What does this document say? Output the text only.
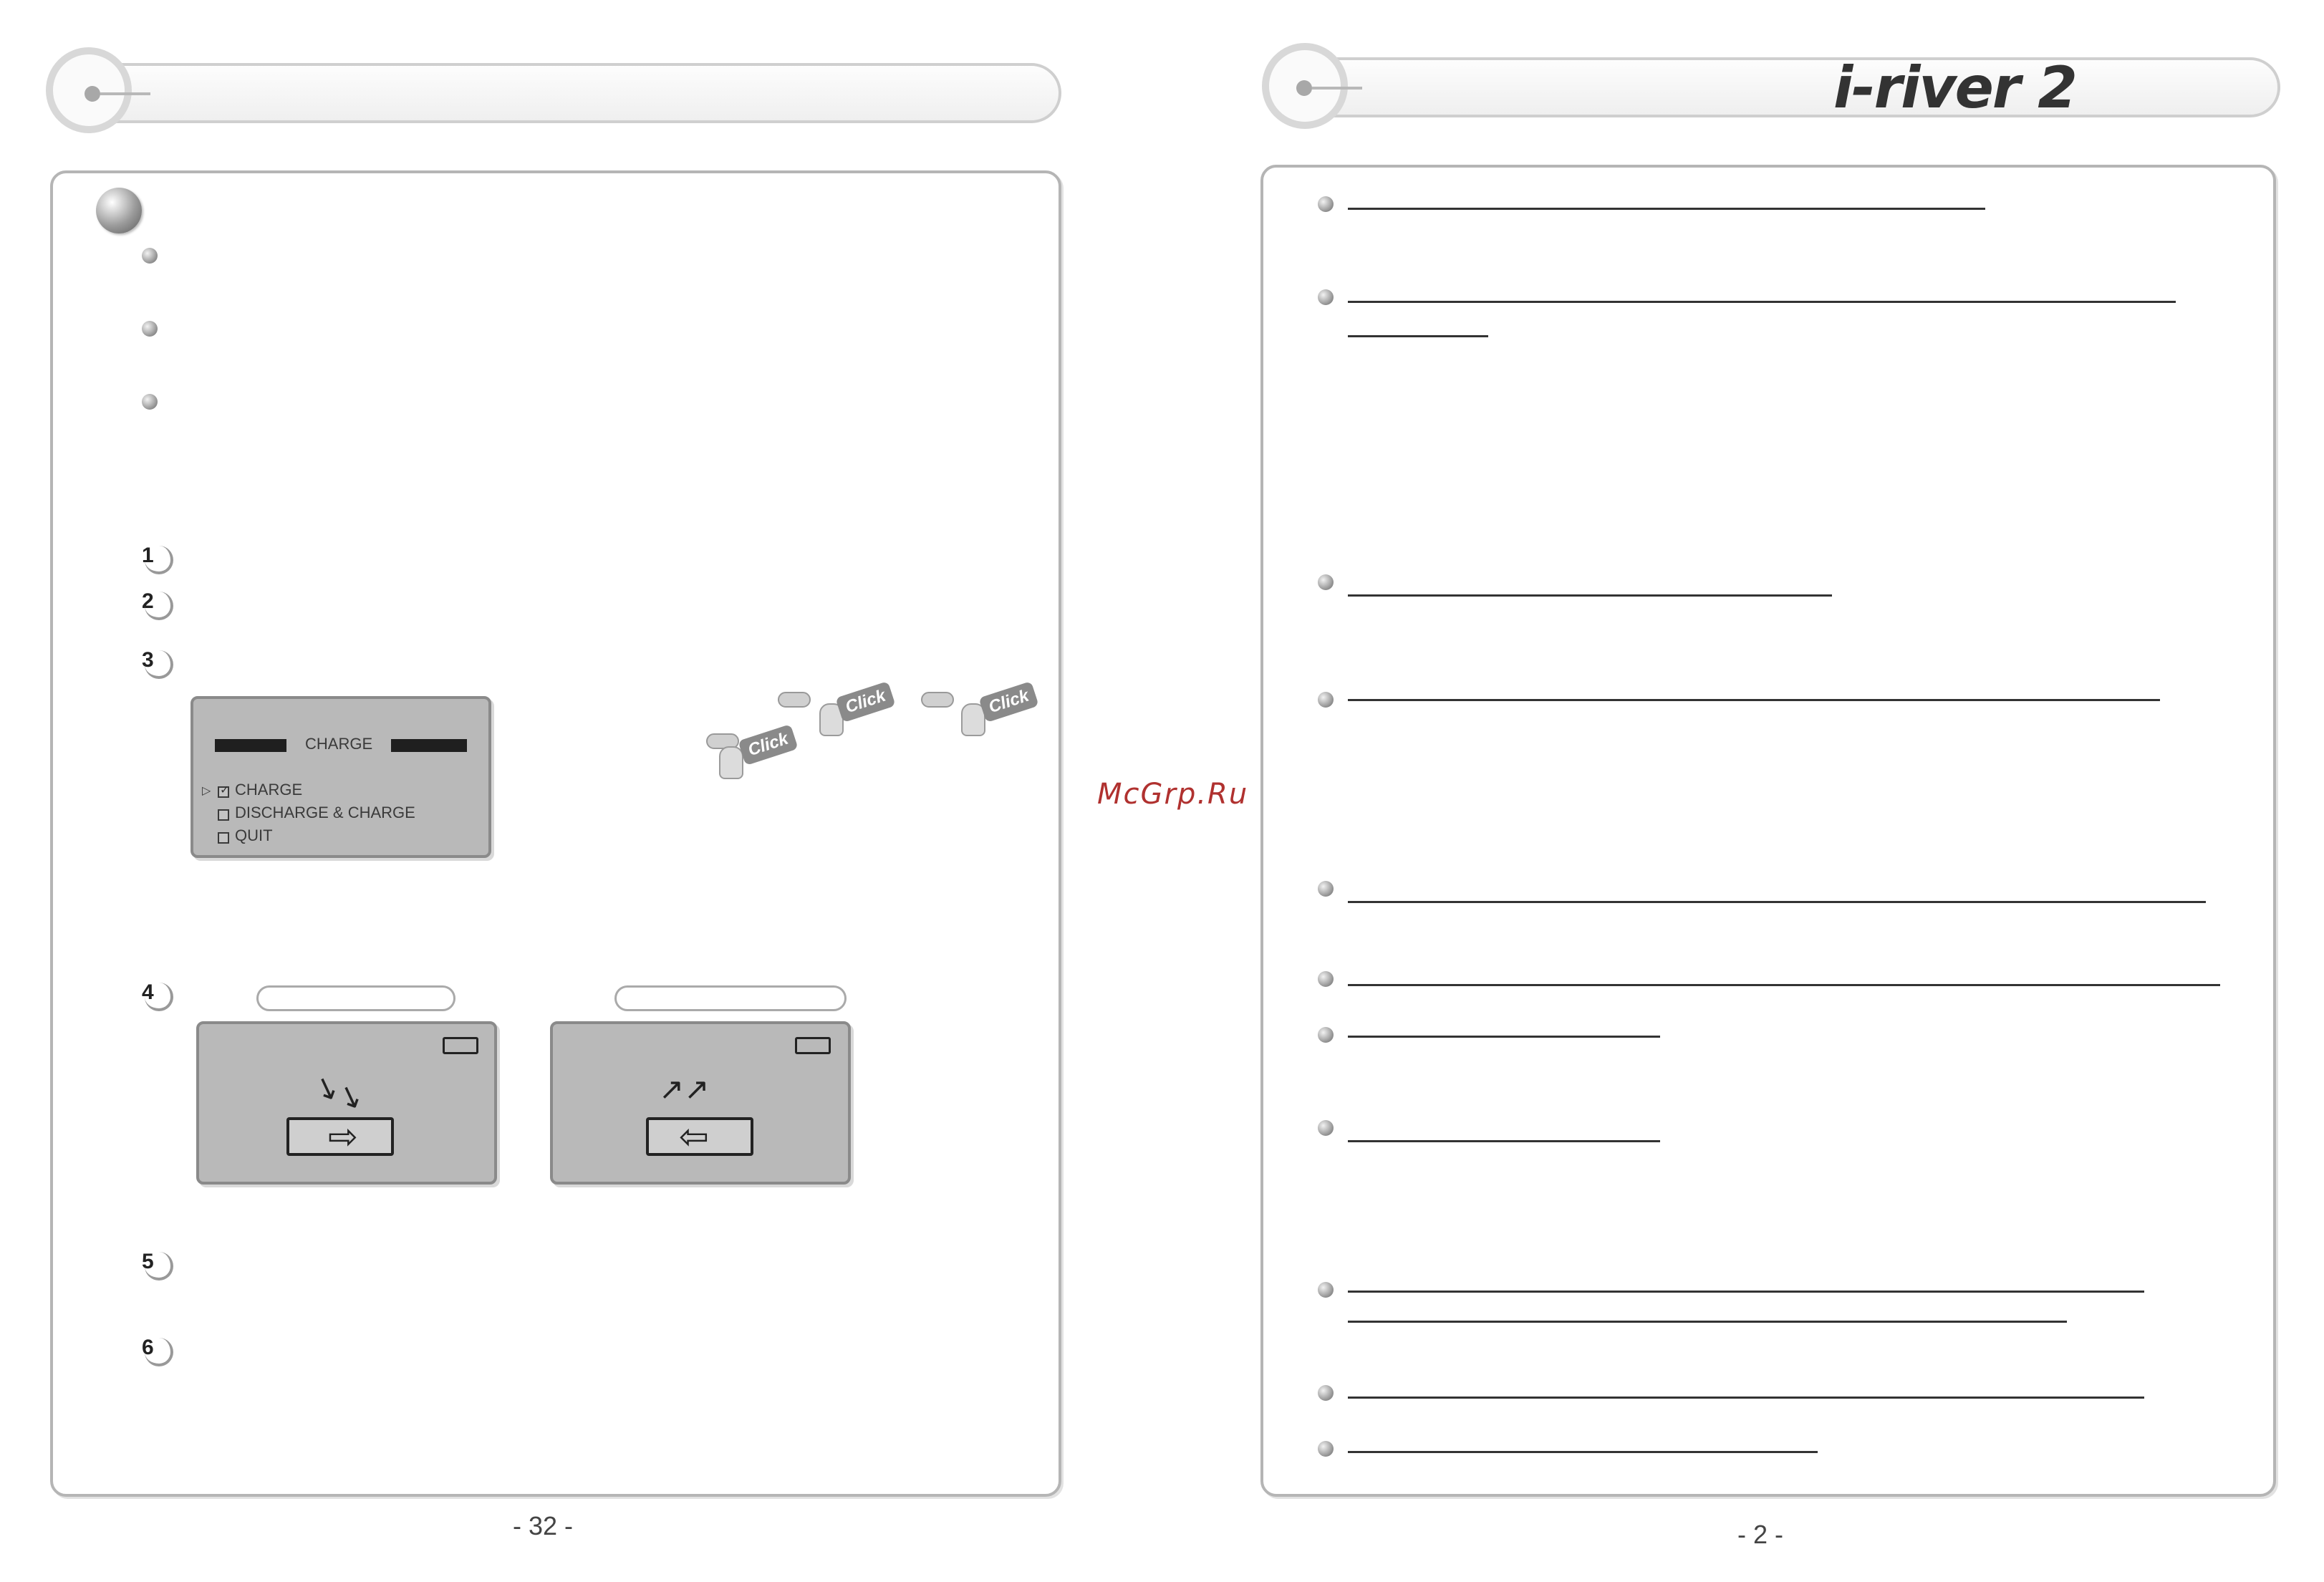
1
2
3
CHARGE
▷ ✓ CHARGE
DISCHARGE & CHARGE
QUIT
Click
Click	Click
4
↘↘
⇨
↗↗
⇦
5
6
- 32 -
McGrp.Ru
i-river 2
- 2 -
